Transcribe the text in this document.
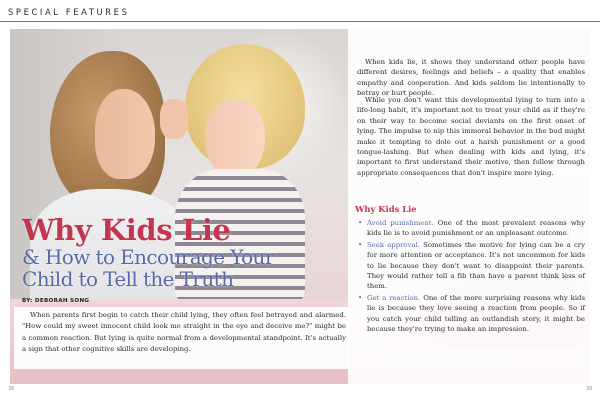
SPECIAL FEATURES
Why Kids Lie
& How to Encourage Your Child to Tell the Truth
BY: DEBORAH SONG

When parents first begin to catch their child lying, they often feel betrayed and alarmed. "How could my sweet innocent child look me straight in the eye and deceive me?" might be a common reaction. But lying is quite normal from a developmental standpoint. It's actually a sign that other cognitive skills are developing.

When kids lie, it shows they understand other people have different desires, feelings and beliefs – a quality that enables empathy and cooperation. And kids seldom lie intentionally to betray or hurt people.

While you don't want this developmental lying to turn into a life-long habit, it's important not to treat your child as if they're on their way to become social deviants on the first onset of lying. The impulse to nip this immoral behavior in the bud might make it tempting to dole out a harsh punishment or a good tongue-lashing. But when dealing with kids and lying, it's important to first understand their motive, then follow through appropriate consequences that don't inspire more lying.

Why Kids Lie
• Avoid punishment. One of the most prevalent reasons why kids lie is to avoid punishment or an unpleasant outcome.
• Seek approval. Sometimes the motive for lying can be a cry for more attention or acceptance. It's not uncommon for kids to lie because they don't want to disappoint their parents. They would rather tell a fib than have a parent think less of them.
• Get a reaction. One of the more surprising reasons why kids lie is because they love seeing a reaction from people. So if you catch your child telling an outlandish story, it might be because they're trying to make an impression.
38	39
